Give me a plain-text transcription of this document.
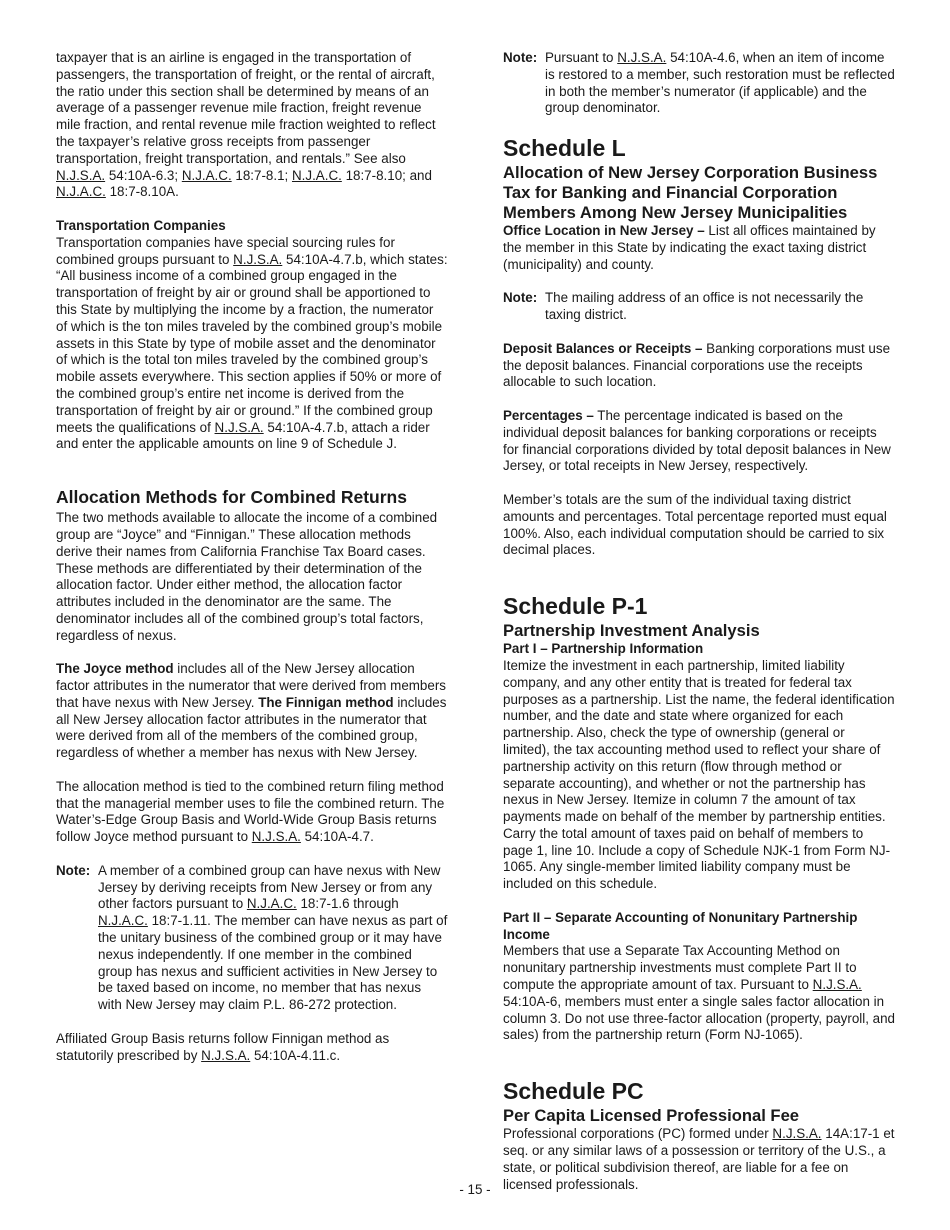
taxpayer that is an airline is engaged in the transportation of passengers, the transportation of freight, or the rental of aircraft, the ratio under this section shall be determined by means of an average of a passenger revenue mile fraction, freight revenue mile fraction, and rental revenue mile fraction weighted to reflect the taxpayer’s relative gross receipts from passenger transportation, freight transportation, and rentals.” See also N.J.S.A. 54:10A-6.3; N.J.A.C. 18:7-8.1; N.J.A.C. 18:7-8.10; and N.J.A.C. 18:7-8.10A.

Transportation Companies

Transportation companies have special sourcing rules for combined groups pursuant to N.J.S.A. 54:10A-4.7.b, which states: “All business income of a combined group engaged in the transportation of freight by air or ground shall be apportioned to this State by multiplying the income by a fraction, the numerator of which is the ton miles traveled by the combined group’s mobile assets in this State by type of mobile asset and the denominator of which is the total ton miles traveled by the combined group’s mobile assets everywhere. This section applies if 50% or more of the combined group’s entire net income is derived from the transportation of freight by air or ground.” If the combined group meets the qualifications of N.J.S.A. 54:10A-4.7.b, attach a rider and enter the applicable amounts on line 9 of Schedule J.

Allocation Methods for Combined Returns

The two methods available to allocate the income of a combined group are “Joyce” and “Finnigan.” These allocation methods derive their names from California Franchise Tax Board cases. These methods are differentiated by their determination of the allocation factor. Under either method, the allocation factor attributes included in the denominator are the same. The denominator includes all of the combined group’s total factors, regardless of nexus.

The Joyce method includes all of the New Jersey allocation factor attributes in the numerator that were derived from members that have nexus with New Jersey. The Finnigan method includes all New Jersey allocation factor attributes in the numerator that were derived from all of the members of the combined group, regardless of whether a member has nexus with New Jersey.

The allocation method is tied to the combined return filing method that the managerial member uses to file the combined return. The Water’s-Edge Group Basis and World-Wide Group Basis returns follow Joyce method pursuant to N.J.S.A. 54:10A-4.7.

Note: A member of a combined group can have nexus with New Jersey by deriving receipts from New Jersey or from any other factors pursuant to N.J.A.C. 18:7-1.6 through N.J.A.C. 18:7-1.11. The member can have nexus as part of the unitary business of the combined group or it may have nexus independently. If one member in the combined group has nexus and sufficient activities in New Jersey to be taxed based on income, no member that has nexus with New Jersey may claim P.L. 86-272 protection.

Affiliated Group Basis returns follow Finnigan method as statutorily prescribed by N.J.S.A. 54:10A-4.11.c.

Note: Pursuant to N.J.S.A. 54:10A-4.6, when an item of income is restored to a member, such restoration must be reflected in both the member’s numerator (if applicable) and the group denominator.
Schedule L
Allocation of New Jersey Corporation Business Tax for Banking and Financial Corporation Members Among New Jersey Municipalities

Office Location in New Jersey – List all offices maintained by the member in this State by indicating the exact taxing district (municipality) and county.

Note: The mailing address of an office is not necessarily the taxing district.

Deposit Balances or Receipts – Banking corporations must use the deposit balances. Financial corporations use the receipts allocable to such location.

Percentages – The percentage indicated is based on the individual deposit balances for banking corporations or receipts for financial corporations divided by total deposit balances in New Jersey, or total receipts in New Jersey, respectively.

Member’s totals are the sum of the individual taxing district amounts and percentages. Total percentage reported must equal 100%. Also, each individual computation should be carried to six decimal places.

Schedule P-1
Partnership Investment Analysis
Part I – Partnership Information

Itemize the investment in each partnership, limited liability company, and any other entity that is treated for federal tax purposes as a partnership. List the name, the federal identification number, and the date and state where organized for each partnership. Also, check the type of ownership (general or limited), the tax accounting method used to reflect your share of partnership activity on this return (flow through method or separate accounting), and whether or not the partnership has nexus in New Jersey. Itemize in column 7 the amount of tax payments made on behalf of the member by partnership entities. Carry the total amount of taxes paid on behalf of members to page 1, line 10. Include a copy of Schedule NJK-1 from Form NJ-1065. Any single-member limited liability company must be included on this schedule.

Part II – Separate Accounting of Nonunitary Partnership Income

Members that use a Separate Tax Accounting Method on nonunitary partnership investments must complete Part II to compute the appropriate amount of tax. Pursuant to N.J.S.A. 54:10A-6, members must enter a single sales factor allocation in column 3. Do not use three-factor allocation (property, payroll, and sales) from the partnership return (Form NJ-1065).

Schedule PC
Per Capita Licensed Professional Fee

Professional corporations (PC) formed under N.J.S.A. 14A:17-1 et seq. or any similar laws of a possession or territory of the U.S., a state, or political subdivision thereof, are liable for a fee on licensed professionals.

- 15 -
